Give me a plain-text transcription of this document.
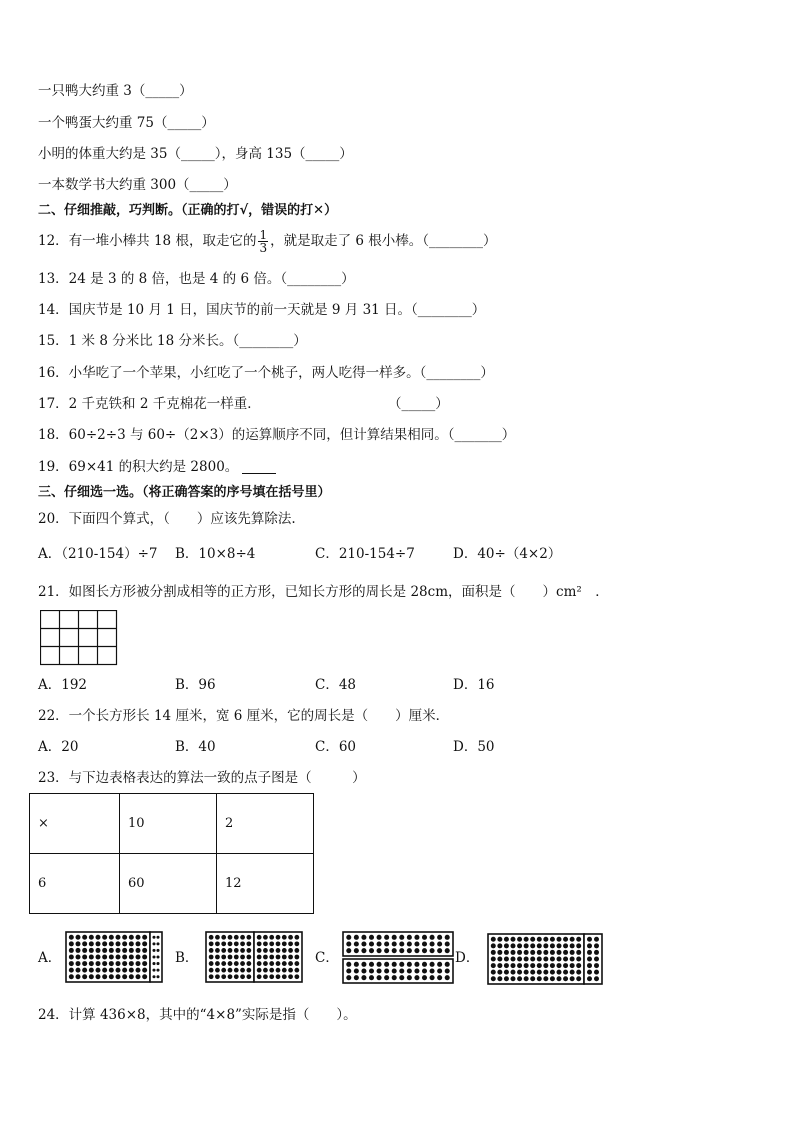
一只鸭大约重 3（_____）
一个鸭蛋大约重 75（_____）
小明的体重大约是 35（_____），身高 135（_____）
一本数学书大约重 300（_____）
二、仔细推敲，巧判断。（正确的打√，错误的打✕）
12．有一堆小棒共 18 根，取走它的 $\frac{1}{3}$ ，就是取走了 6 根小棒。（________）
13．24 是 3 的 8 倍，也是 4 的 6 倍。（________）
14．国庆节是 10 月 1 日，国庆节的前一天就是 9 月 31 日。（________）
15．1 米 8 分米比 18 分米长。（________）
16．小华吃了一个苹果，小红吃了一个桃子，两人吃得一样多。（________）
17．2 千克铁和 2 千克棉花一样重．	（_____）
18．60÷2÷3 与 60÷（2×3）的运算顺序不同，但计算结果相同。（_______）
19．69×41 的积大约是 2800。
三、仔细选一选。（将正确答案的序号填在括号里）
20．下面四个算式，（　　）应该先算除法.
A．（210-154）÷7 B．10×8÷4	C．210-154÷7	D．40÷（4×2）
21．如图长方形被分割成相等的正方形，已知长方形的周长是 28cm，面积是（　　）cm²　．
A．192	B．96	C．48	D．16
22．一个长方形长 14 厘米，宽 6 厘米，它的周长是（　　）厘米．
A．20	B．40	C．60	D．50
23．与下边表格表达的算法一致的点子图是（　　　）
×	10	2
6	60	12
A．	B．	C．	D．
24．计算 436×8，其中的“4×8”实际是指（　　）。
